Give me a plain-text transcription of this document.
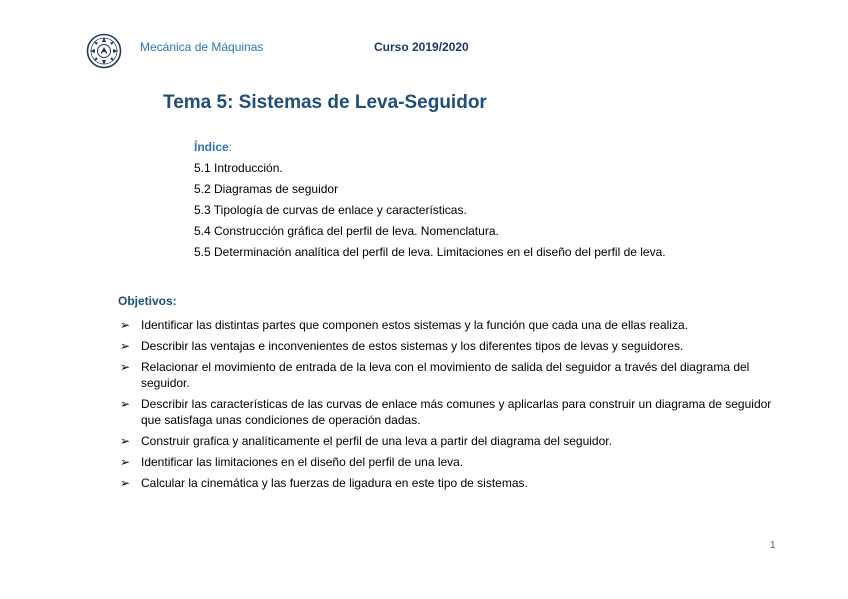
Mecánica de Máquinas	Curso 2019/2020
Tema 5: Sistemas de Leva-Seguidor
Índice:
5.1 Introducción.
5.2 Diagramas de seguidor
5.3 Tipología de curvas de enlace y características.
5.4 Construcción gráfica del perfil de leva. Nomenclatura.
5.5 Determinación analítica del perfil de leva. Limitaciones en el diseño del perfil de leva.
Objetivos:
➢ Identificar las distintas partes que componen estos sistemas y la función que cada una de ellas realiza.
➢ Describir las ventajas e inconvenientes de estos sistemas y los diferentes tipos de levas y seguidores.
➢ Relacionar el movimiento de entrada de la leva con el movimiento de salida del seguidor a través del diagrama del seguidor.
➢ Describir las características de las curvas de enlace más comunes y aplicarlas para construir un diagrama de seguidor que satisfaga unas condiciones de operación dadas.
➢ Construir grafica y analíticamente el perfil de una leva a partir del diagrama del seguidor.
➢ Identificar las limitaciones en el diseño del perfil de una leva.
➢ Calcular la cinemática y las fuerzas de ligadura en este tipo de sistemas.
1
